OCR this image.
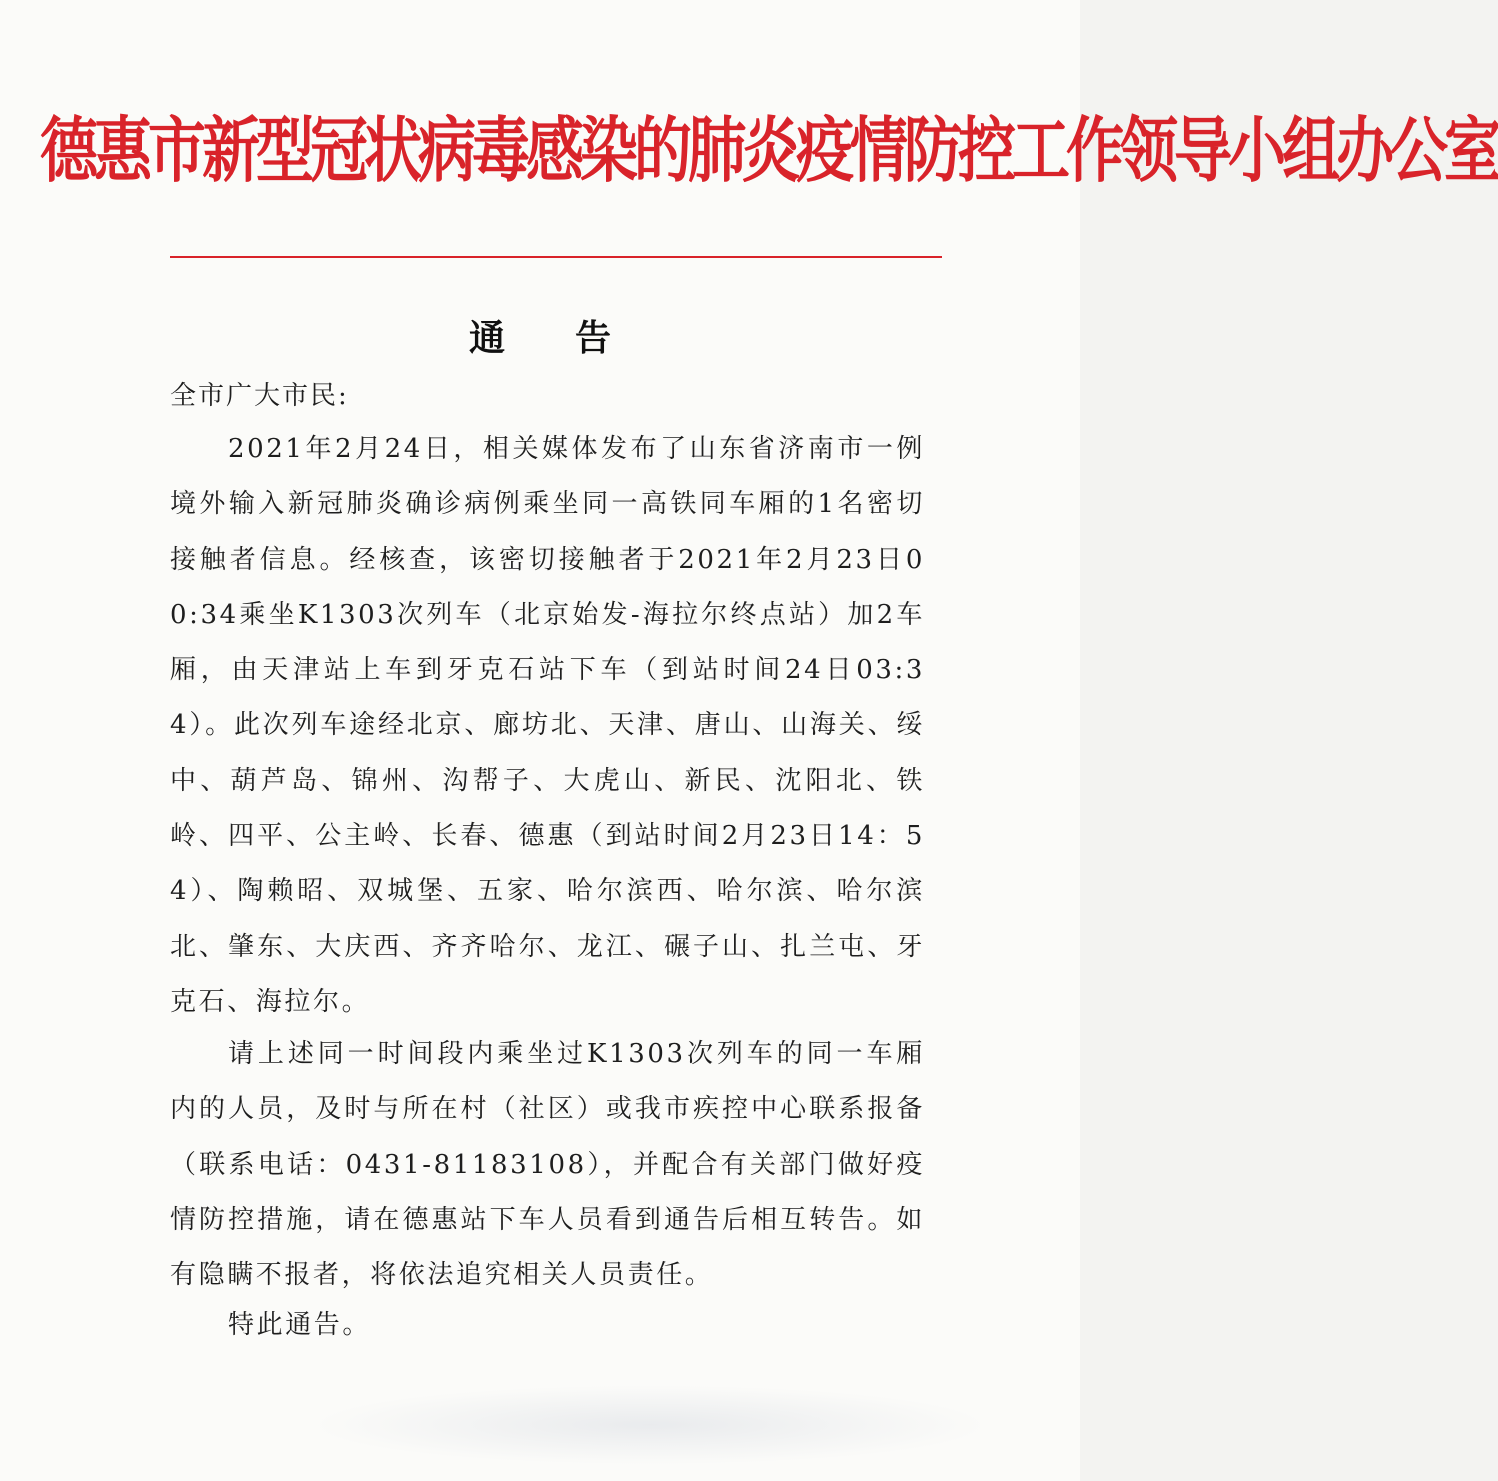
德惠市新型冠状病毒感染的肺炎疫情防控工作领导小组办公室
通 告
全市广大市民:

2021年2月24日，相关媒体发布了山东省济南市一例境外输入新冠肺炎确诊病例乘坐同一高铁同车厢的1名密切接触者信息。经核查，该密切接触者于2021年2月23日00:34乘坐K1303次列车（北京始发-海拉尔终点站）加2车厢，由天津站上车到牙克石站下车（到站时间24日03:34）。此次列车途经北京、廊坊北、天津、唐山、山海关、绥中、葫芦岛、锦州、沟帮子、大虎山、新民、沈阳北、铁岭、四平、公主岭、长春、德惠（到站时间2月23日14：54）、陶赖昭、双城堡、五家、哈尔滨西、哈尔滨、哈尔滨北、肇东、大庆西、齐齐哈尔、龙江、碾子山、扎兰屯、牙克石、海拉尔。

请上述同一时间段内乘坐过K1303次列车的同一车厢内的人员，及时与所在村（社区）或我市疾控中心联系报备（联系电话：0431-81183108），并配合有关部门做好疫情防控措施，请在德惠站下车人员看到通告后相互转告。如有隐瞒不报者，将依法追究相关人员责任。

特此通告。
